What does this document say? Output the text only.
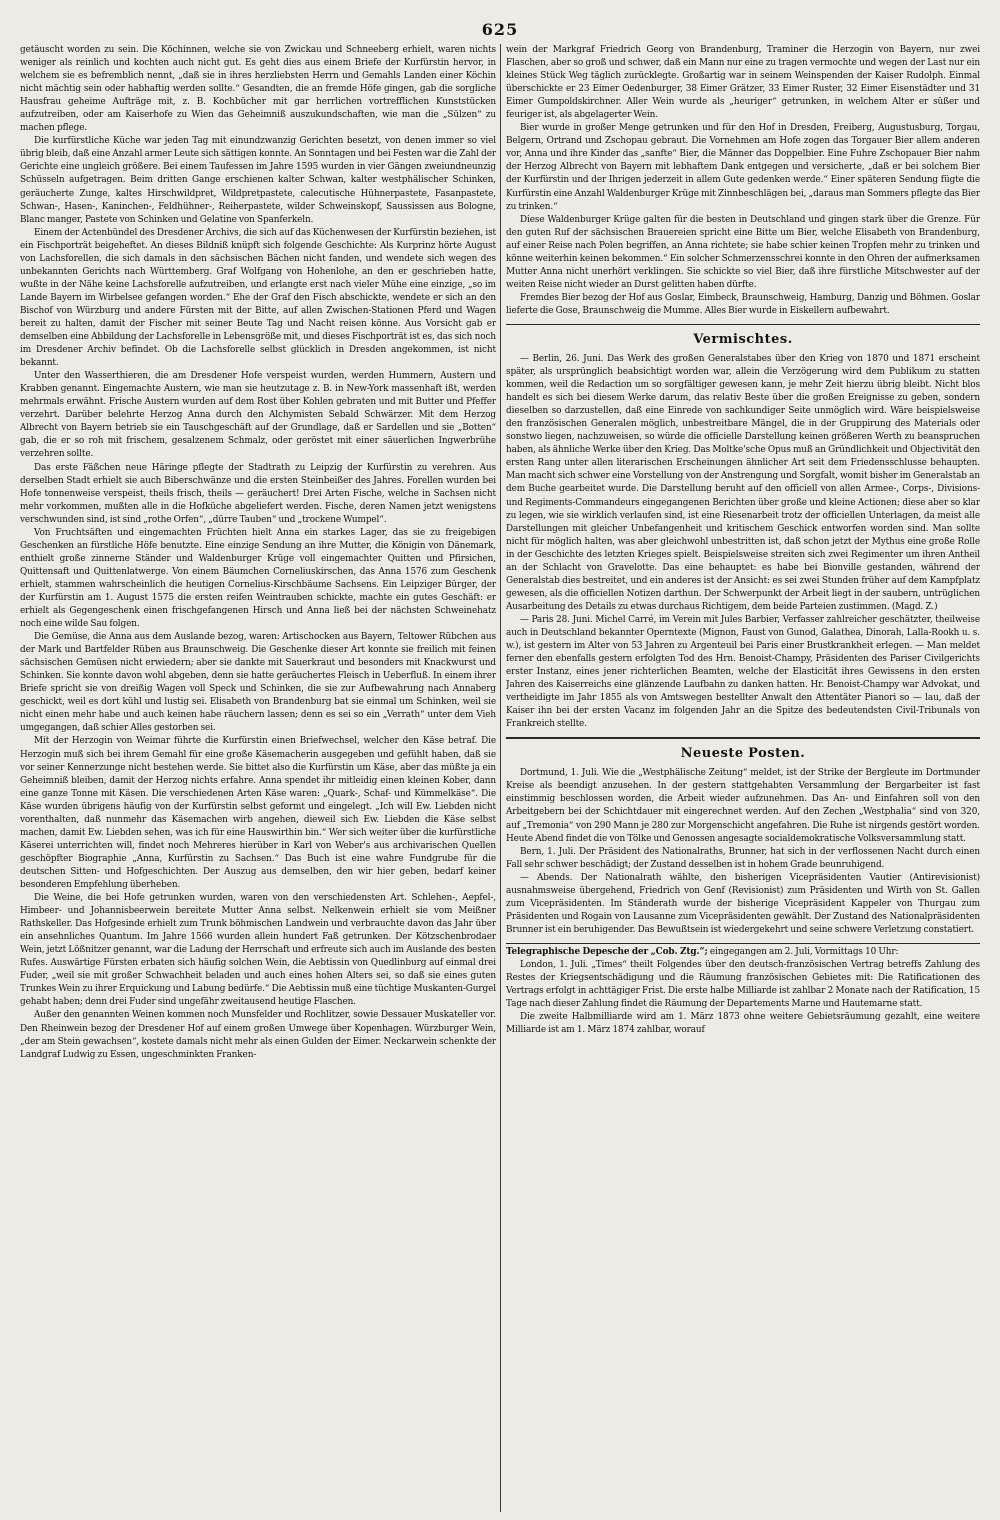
625

getäuscht worden zu sein. Die Köchinnen, welche sie von Zwickau und Schneeberg erhielt, waren nichts weniger als reinlich und kochten auch nicht gut. Es geht dies aus einem Briefe der Kurfürstin hervor, in welchem sie es befremblich nennt, „daß sie in ihres herzliebsten Herrn und Gemahls Landen einer Köchin nicht mächtig sein oder habhaftig werden sollte.“ Gesandten, die an fremde Höfe gingen, gab die sorgliche Hausfrau geheime Aufträge mit, z. B. Kochbücher mit gar herrlichen vortrefflichen Kunststücken aufzutreiben, oder am Kaiserhofe zu Wien das Geheimniß auszukundschaften, wie man die „Sülzen“ zu machen pflege.

Die kurfürstliche Küche war jeden Tag mit einundzwanzig Gerichten besetzt, von denen immer so viel übrig bleib, daß eine Anzahl armer Leute sich sättigen konnte. An Sonntagen und bei Festen war die Zahl der Gerichte eine ungleich größere. Bei einem Taufessen im Jahre 1595 wurden in vier Gängen zweiundneunzig Schüsseln aufgetragen. Beim dritten Gange erschienen kalter Schwan, kalter westphälischer Schinken, geräucherte Zunge, kaltes Hirschwildpret, Wildpretpastete, calecutische Hühnerpastete, Fasanpastete, Schwan-, Hasen-, Kaninchen-, Feldhühner-, Reiherpastete, wilder Schweinskopf, Saussissen aus Bologne, Blanc manger, Pastete von Schinken und Gelatine von Spanferkeln.

Einem der Actenbündel des Dresdener Archivs, die sich auf das Küchenwesen der Kurfürstin beziehen, ist ein Fischporträt beigeheftet. An dieses Bildniß knüpft sich folgende Geschichte: Als Kurprinz hörte August von Lachsforellen, die sich damals in den sächsischen Bächen nicht fanden, und wendete sich wegen des unbekannten Gerichts nach Württemberg. Graf Wolfgang von Hohenlohe, an den er geschrieben hatte, wußte in der Nähe keine Lachsforelle aufzutreiben, und erlangte erst nach vieler Mühe eine einzige, „so im Lande Bayern im Wirbelsee gefangen worden.“ Ehe der Graf den Fisch abschickte, wendete er sich an den Bischof von Würzburg und andere Fürsten mit der Bitte, auf allen Zwischen-Stationen Pferd und Wagen bereit zu halten, damit der Fischer mit seiner Beute Tag und Nacht reisen könne. Aus Vorsicht gab er demselben eine Abbildung der Lachsforelle in Lebensgröße mit, und dieses Fischporträt ist es, das sich noch im Dresdener Archiv befindet. Ob die Lachsforelle selbst glücklich in Dresden angekommen, ist nicht bekannt.

Unter den Wasserthieren, die am Dresdener Hofe verspeist wurden, werden Hummern, Austern und Krabben genannt. Eingemachte Austern, wie man sie heutzutage z. B. in New-York massenhaft ißt, werden mehrmals erwähnt. Frische Austern wurden auf dem Rost über Kohlen gebraten und mit Butter und Pfeffer verzehrt. Darüber belehrte Herzog Anna durch den Alchymisten Sebald Schwärzer. Mit dem Herzog Albrecht von Bayern betrieb sie ein Tauschgeschäft auf der Grundlage, daß er Sardellen und sie „Botten“ gab, die er so roh mit frischem, gesalzenem Schmalz, oder geröstet mit einer säuerlichen Ingwerbrühe verzehren sollte.

Das erste Fäßchen neue Häringe pflegte der Stadtrath zu Leipzig der Kurfürstin zu verehren. Aus derselben Stadt erhielt sie auch Biberschwänze und die ersten Steinbeißer des Jahres. Forellen wurden bei Hofe tonnenweise verspeist, theils frisch, theils — geräuchert! Drei Arten Fische, welche in Sachsen nicht mehr vorkommen, mußten alle in die Hofküche abgeliefert werden. Fische, deren Namen jetzt wenigstens verschwunden sind, ist sind „rothe Orfen“, „dürre Tauben“ und „trockene Wumpel“.

Von Fruchtsäften und eingemachten Früchten hielt Anna ein starkes Lager, das sie zu freigebigen Geschenken an fürstliche Höfe benutzte. Eine einzige Sendung an ihre Mutter, die Königin von Dänemark, enthielt große zinnerne Ständer und Waldenburger Krüge voll eingemachter Quitten und Pfirsichen, Quittensaft und Quittenlatwerge. Von einem Bäumchen Corneliuskirschen, das Anna 1576 zum Geschenk erhielt, stammen wahrscheinlich die heutigen Cornelius-Kirschbäume Sachsens. Ein Leipziger Bürger, der der Kurfürstin am 1. August 1575 die ersten reifen Weintrauben schickte, machte ein gutes Geschäft: er erhielt als Gegengeschenk einen frischgefangenen Hirsch und Anna ließ bei der nächsten Schweinehatz noch eine wilde Sau folgen.

Die Gemüse, die Anna aus dem Auslande bezog, waren: Artischocken aus Bayern, Teltower Rübchen aus der Mark und Bartfelder Rüben aus Braunschweig. Die Geschenke dieser Art konnte sie freilich mit feinen sächsischen Gemüsen nicht erwiedern; aber sie dankte mit Sauerkraut und besonders mit Knackwurst und Schinken. Sie konnte davon wohl abgeben, denn sie hatte geräuchertes Fleisch in Ueberfluß. In einem ihrer Briefe spricht sie von dreißig Wagen voll Speck und Schinken, die sie zur Aufbewahrung nach Annaberg geschickt, weil es dort kühl und lustig sei. Elisabeth von Brandenburg bat sie einmal um Schinken, weil sie nicht einen mehr habe und auch keinen habe räuchern lassen; denn es sei so ein „Verrath“ unter dem Vieh umgegangen, daß schier Alles gestorben sei.

Mit der Herzogin von Weimar führte die Kurfürstin einen Briefwechsel, welcher den Käse betraf. Die Herzogin muß sich bei ihrem Gemahl für eine große Käsemacherin ausgegeben und gefühlt haben, daß sie vor seiner Kennerzunge nicht bestehen werde. Sie bittet also die Kurfürstin um Käse, aber das müßte ja ein Geheimniß bleiben, damit der Herzog nichts erfahre. Anna spendet ihr mitleidig einen kleinen Kober, dann eine ganze Tonne mit Käsen. Die verschiedenen Arten Käse waren: „Quark-, Schaf- und Kümmelkäse“. Die Käse wurden übrigens häufig von der Kurfürstin selbst geformt und eingelegt. „Ich will Ew. Liebden nicht vorenthalten, daß nunmehr das Käsemachen wirb angehen, dieweil sich Ew. Liebden die Käse selbst machen, damit Ew. Liebden sehen, was ich für eine Hauswirthin bin.“ Wer sich weiter über die kurfürstliche Käserei unterrichten will, findet noch Mehreres hierüber in Karl von Weber's aus archivarischen Quellen geschöpfter Biographie „Anna, Kurfürstin zu Sachsen.“ Das Buch ist eine wahre Fundgrube für die deutschen Sitten- und Hofgeschichten. Der Auszug aus demselben, den wir hier geben, bedarf keiner besonderen Empfehlung überheben.

Die Weine, die bei Hofe getrunken wurden, waren von den verschiedensten Art. Schlehen-, Aepfel-, Himbeer- und Johannisbeerwein bereitete Mutter Anna selbst. Nelkenwein erhielt sie vom Meißner Rathskeller. Das Hofgesinde erhielt zum Trunk böhmischen Landwein und verbrauchte davon das Jahr über ein ansehnliches Quantum. Im Jahre 1566 wurden allein hundert Faß getrunken. Der Kötzschenbrodaer Wein, jetzt Lößnitzer genannt, war die Ladung der Herrschaft und erfreute sich auch im Auslande des besten Rufes. Auswärtige Fürsten erbaten sich häufig solchen Wein, die Aebtissin von Quedlinburg auf einmal drei Fuder, „weil sie mit großer Schwachheit beladen und auch eines hohen Alters sei, so daß sie eines guten Trunkes Wein zu ihrer Erquickung und Labung bedürfe.“ Die Aebtissin muß eine tüchtige Muskanten-Gurgel gehabt haben; denn drei Fuder sind ungefähr zweitausend heutige Flaschen.

Außer den genannten Weinen kommen noch Munsfelder und Rochlitzer, sowie Dessauer Muskateller vor. Den Rheinwein bezog der Dresdener Hof auf einem großen Umwege über Kopenhagen. Würzburger Wein, „der am Stein gewachsen“, kostete damals nicht mehr als einen Gulden der Eimer. Neckarwein schenkte der Landgraf Ludwig zu Essen, ungeschminkten Franken-

wein der Markgraf Friedrich Georg von Brandenburg, Traminer die Herzogin von Bayern, nur zwei Flaschen, aber so groß und schwer, daß ein Mann nur eine zu tragen vermochte und wegen der Last nur ein kleines Stück Weg täglich zurücklegte. Großartig war in seinem Weinspenden der Kaiser Rudolph. Einmal überschickte er 23 Eimer Oedenburger, 38 Eimer Grätzer, 33 Eimer Ruster, 32 Eimer Eisenstädter und 31 Eimer Gumpoldskirchner. Aller Wein wurde als „heuriger“ getrunken, in welchem Alter er süßer und feuriger ist, als abgelagerter Wein.

Bier wurde in großer Menge getrunken und für den Hof in Dresden, Freiberg, Augustusburg, Torgau, Belgern, Ortrand und Zschopau gebraut. Die Vornehmen am Hofe zogen das Torgauer Bier allem anderen vor, Anna und ihre Kinder das „sanfte“ Bier, die Männer das Doppelbier. Eine Fuhre Zschopauer Bier nahm der Herzog Albrecht von Bayern mit lebhaftem Dank entgegen und versicherte, „daß er bei solchem Bier der Kurfürstin und der Ihrigen jederzeit in allem Gute gedenken werde.“ Einer späteren Sendung fügte die Kurfürstin eine Anzahl Waldenburger Krüge mit Zinnbeschlägen bei, „daraus man Sommers pflegte das Bier zu trinken.“

Diese Waldenburger Krüge galten für die besten in Deutschland und gingen stark über die Grenze. Für den guten Ruf der sächsischen Brauereien spricht eine Bitte um Bier, welche Elisabeth von Brandenburg, auf einer Reise nach Polen begriffen, an Anna richtete; sie habe schier keinen Tropfen mehr zu trinken und könne weiterhin keinen bekommen.“ Ein solcher Schmerzensschrei konnte in den Ohren der aufmerksamen Mutter Anna nicht unerhört verklingen. Sie schickte so viel Bier, daß ihre fürstliche Mitschwester auf der weiten Reise nicht wieder an Durst gelitten haben dürfte.

Fremdes Bier bezog der Hof aus Goslar, Eimbeck, Braunschweig, Hamburg, Danzig und Böhmen. Goslar lieferte die Gose, Braunschweig die Mumme. Alles Bier wurde in Eiskellern aufbewahrt.

Vermischtes.

— Berlin, 26. Juni. Das Werk des großen Generalstabes über den Krieg von 1870 und 1871 erscheint später, als ursprünglich beabsichtigt worden war, allein die Verzögerung wird dem Publikum zu statten kommen, weil die Redaction um so sorgfältiger gewesen kann, je mehr Zeit hierzu übrig bleibt. Nicht blos handelt es sich bei diesem Werke darum, das relativ Beste über die großen Ereignisse zu geben, sondern dieselben so darzustellen, daß eine Einrede von sachkundiger Seite unmöglich wird. Wäre beispielsweise den französischen Generalen möglich, unbestreitbare Mängel, die in der Gruppirung des Materials oder sonstwo liegen, nachzuweisen, so würde die officielle Darstellung keinen größeren Werth zu beanspruchen haben, als ähnliche Werke über den Krieg. Das Moltke'sche Opus muß an Gründlichkeit und Objectivität den ersten Rang unter allen literarischen Erscheinungen ähnlicher Art seit dem Friedensschlusse behaupten. Man macht sich schwer eine Vorstellung von der Anstrengung und Sorgfalt, womit bisher im Generalstab an dem Buche gearbeitet wurde. Die Darstellung beruht auf den officiell von allen Armee-, Corps-, Divisions- und Regiments-Commandeurs eingegangenen Berichten über große und kleine Actionen; diese aber so klar zu legen, wie sie wirklich verlaufen sind, ist eine Riesenarbeit trotz der officiellen Unterlagen, da meist alle Darstellungen mit gleicher Unbefangenheit und kritischem Geschick entworfen worden sind. Man sollte nicht für möglich halten, was aber gleichwohl unbestritten ist, daß schon jetzt der Mythus eine große Rolle in der Geschichte des letzten Krieges spielt. Beispielsweise streiten sich zwei Regimenter um ihren Antheil an der Schlacht von Gravelotte. Das eine behauptet: es habe bei Bionville gestanden, während der Generalstab dies bestreitet, und ein anderes ist der Ansicht: es sei zwei Stunden früher auf dem Kampfplatz gewesen, als die officiellen Notizen darthun. Der Schwerpunkt der Arbeit liegt in der saubern, untrüglichen Ausarbeitung des Details zu etwas durchaus Richtigem, dem beide Parteien zustimmen. (Magd. Z.)

— Paris 28. Juni. Michel Carré, im Verein mit Jules Barbier, Verfasser zahlreicher geschätzter, theilweise auch in Deutschland bekannter Operntexte (Mignon, Faust von Gunod, Galathea, Dinorah, Lalla-Rookh u. s. w.), ist gestern im Alter von 53 Jahren zu Argenteuil bei Paris einer Brustkrankheit erlegen. — Man meldet ferner den ebenfalls gestern erfolgten Tod des Hrn. Benoist-Champy, Präsidenten des Pariser Civilgerichts erster Instanz, eines jener richterlichen Beamten, welche der Elasticität ihres Gewissens in den ersten Jahren des Kaiserreichs eine glänzende Laufbahn zu danken hatten. Hr. Benoist-Champy war Advokat, und vertheidigte im Jahr 1855 als von Amtswegen bestellter Anwalt den Attentäter Pianori so — lau, daß der Kaiser ihn bei der ersten Vacanz im folgenden Jahr an die Spitze des bedeutendsten Civil-Tribunals von Frankreich stellte.

Neueste Posten.

Dortmund, 1. Juli. Wie die „Westphälische Zeitung“ meldet, ist der Strike der Bergleute im Dortmunder Kreise als beendigt anzusehen. In der gestern stattgehabten Versammlung der Bergarbeiter ist fast einstimmig beschlossen worden, die Arbeit wieder aufzunehmen. Das An- und Einfahren soll von den Arbeitgebern bei der Schichtdauer mit eingerechnet werden. Auf den Zechen „Westphalia“ sind von 320, auf „Tremonia“ von 290 Mann je 280 zur Morgenschicht angefahren. Die Ruhe ist nirgends gestört worden. Heute Abend findet die von Tölke und Genossen angesagte socialdemokratische Volksversammlung statt.

Bern, 1. Juli. Der Präsident des Nationalraths, Brunner, hat sich in der verflossenen Nacht durch einen Fall sehr schwer beschädigt; der Zustand desselben ist in hohem Grade beunruhigend.

— Abends. Der Nationalrath wählte, den bisherigen Vicepräsidenten Vautier (Antirevisionist) ausnahmsweise übergehend, Friedrich von Genf (Revisionist) zum Präsidenten und Wirth von St. Gallen zum Vicepräsidenten. Im Ständerath wurde der bisherige Vicepräsident Kappeler von Thurgau zum Präsidenten und Rogain von Lausanne zum Vicepräsidenten gewählt. Der Zustand des Nationalpräsidenten Brunner ist ein beruhigender. Das Bewußtsein ist wiedergekehrt und seine schwere Verletzung constatiert.

Telegraphische Depesche der „Cob. Ztg.“; eingegangen am 2. Juli, Vormittags 10 Uhr:

London, 1. Juli. „Times“ theilt Folgendes über den deutsch-französischen Vertrag betreffs Zahlung des Restes der Kriegsentschädigung und die Räumung französischen Gebietes mit: Die Ratificationen des Vertrags erfolgt in achttägiger Frist. Die erste halbe Milliarde ist zahlbar 2 Monate nach der Ratification, 15 Tage nach dieser Zahlung findet die Räumung der Departements Marne und Hautemarne statt.

Die zweite Halbmilliarde wird am 1. März 1873 ohne weitere Gebietsräumung gezahlt, eine weitere Milliarde ist am 1. März 1874 zahlbar, worauf
